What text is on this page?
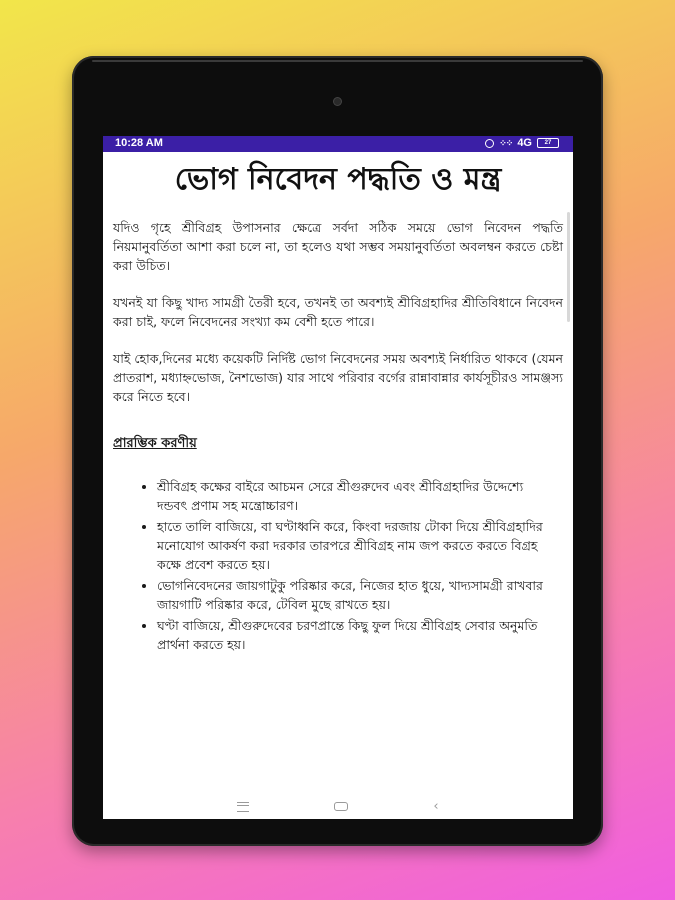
10:28 AM	⁘⁘ 4G	27
ভোগ নিবেদন পদ্ধতি ও মন্ত্র

যদিও গৃহে শ্রীবিগ্রহ উপাসনার ক্ষেত্রে সর্বদা সঠিক সময়ে ভোগ নিবেদন পদ্ধতি নিয়মানুবর্তিতা আশা করা চলে না, তা হলেও যথা সম্ভব সময়ানুবর্তিতা অবলম্বন করতে চেষ্টা করা উচিত।

যখনই যা কিছু খাদ্য সামগ্রী তৈরী হবে, তখনই তা অবশ্যই শ্রীবিগ্রহাদির শ্রীতিবিধানে নিবেদন করা চাই, ফলে নিবেদনের সংখ্যা কম বেশী হতে পারে।

যাই হোক,দিনের মধ্যে কয়েকটি নির্দিষ্ট ভোগ নিবেদনের সময় অবশ্যই নির্ধারিত থাকবে (যেমন প্রাতরাশ, মধ্যাহ্নভোজ, নৈশভোজ) যার সাথে পরিবার বর্গের রান্নাবান্নার কার্যসূচীরও সামঞ্জস্য করে নিতে হবে।

প্রারম্ভিক করণীয়
• শ্রীবিগ্রহ কক্ষের বাইরে আচমন সেরে শ্রীগুরুদেব এবং শ্রীবিগ্রহাদির উদ্দেশ্যে দন্ডবৎ প্রণাম সহ মন্ত্রোচ্চারণ।
• হাতে তালি বাজিয়ে, বা ঘণ্টাধ্বনি করে, কিংবা দরজায় টোকা দিয়ে শ্রীবিগ্রহাদির মনোযোগ আকর্ষণ করা দরকার তারপরে শ্রীবিগ্রহ নাম জপ করতে করতে বিগ্রহ কক্ষে প্রবেশ করতে হয়।
• ভোগনিবেদনের জায়গাটুকু পরিষ্কার করে, নিজের হাত ধুয়ে, খাদ্যসামগ্রী রাখবার জায়গাটি পরিষ্কার করে, টেবিল মুছে রাখতে হয়।
• ঘণ্টা বাজিয়ে, শ্রীগুরুদেবের চরণপ্রান্তে কিছু ফুল দিয়ে শ্রীবিগ্রহ সেবার অনুমতি প্রার্থনা করতে হয়।
‹
